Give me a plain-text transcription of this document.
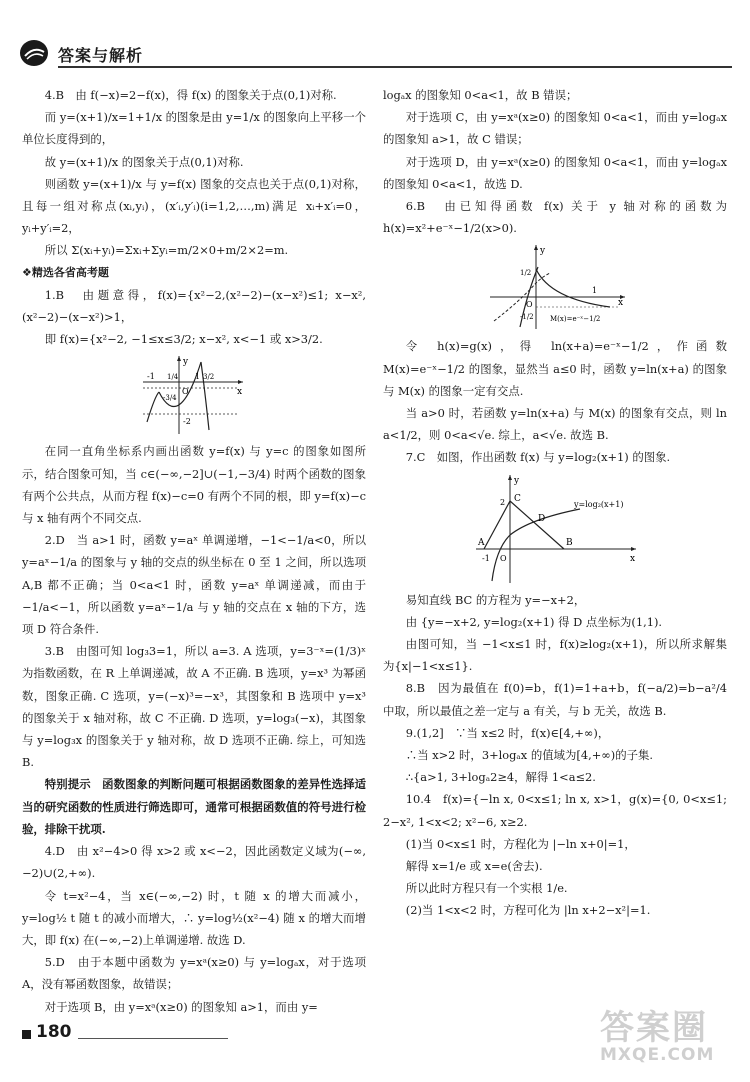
答案与解析

4.B　由 f(−x)=2−f(x)，得 f(x) 的图象关于点(0,1)对称.

而 y=(x+1)/x=1+1/x 的图象是由 y=1/x 的图象向上平移一个单位长度得到的，

故 y=(x+1)/x 的图象关于点(0,1)对称.

则函数 y=(x+1)/x 与 y=f(x) 图象的交点也关于点(0,1)对称，且每一组对称点(xᵢ,yᵢ)，(x′ᵢ,y′ᵢ)(i=1,2,…,m)满足 xᵢ+x′ᵢ=0，yᵢ+y′ᵢ=2，

所以 Σ(xᵢ+yᵢ)=Σxᵢ+Σyᵢ=m/2×0+m/2×2=m.

❖精选各省高考题

1.B　由题意得，f(x)={x²−2,(x²−2)−(x−x²)≤1; x−x²,(x²−2)−(x−x²)>1，

即 f(x)={x²−2, −1≤x≤3/2; x−x², x<−1 或 x>3/2.

y
x
O
-1	1
-3/4
-2
3/2
1/4

在同一直角坐标系内画出函数 y=f(x) 与 y=c 的图象如图所示，结合图象可知，当 c∈(−∞,−2]∪(−1,−3/4) 时两个函数的图象有两个公共点，从而方程 f(x)−c=0 有两个不同的根，即 y=f(x)−c 与 x 轴有两个不同交点.

2.D　当 a>1 时，函数 y=aˣ 单调递增，−1<−1/a<0，所以 y=aˣ−1/a 的图象与 y 轴的交点的纵坐标在 0 至 1 之间，所以选项 A,B 都不正确；当 0<a<1 时，函数 y=aˣ 单调递减，而由于 −1/a<−1，所以函数 y=aˣ−1/a 与 y 轴的交点在 x 轴的下方，选项 D 符合条件.

3.B　由图可知 log₃3=1，所以 a=3. A 选项，y=3⁻ˣ=(1/3)ˣ 为指数函数，在 R 上单调递减，故 A 不正确. B 选项，y=x³ 为幂函数，图象正确. C 选项，y=(−x)³=−x³，其图象和 B 选项中 y=x³ 的图象关于 x 轴对称，故 C 不正确. D 选项，y=log₃(−x)，其图象与 y=log₃x 的图象关于 y 轴对称，故 D 选项不正确. 综上，可知选 B.

特别提示　函数图象的判断问题可根据函数图象的差异性选择适当的研究函数的性质进行筛选即可，通常可根据函数值的符号进行检验，排除干扰项.

4.D　由 x²−4>0 得 x>2 或 x<−2，因此函数定义域为(−∞,−2)∪(2,+∞).

令 t=x²−4，当 x∈(−∞,−2) 时，t 随 x 的增大而减小，y=log½ t 随 t 的减小而增大，∴ y=log½(x²−4) 随 x 的增大而增大，即 f(x) 在(−∞,−2)上单调递增. 故选 D.

5.D　由于本题中函数为 y=xᵃ(x≥0) 与 y=logₐx，对于选项 A，没有幂函数图象，故错误；

对于选项 B，由 y=xᵃ(x≥0) 的图象知 a>1，而由 y=

logₐx 的图象知 0<a<1，故 B 错误；

对于选项 C，由 y=xᵃ(x≥0) 的图象知 0<a<1，而由 y=logₐx 的图象知 a>1，故 C 错误；

对于选项 D，由 y=xᵃ(x≥0) 的图象知 0<a<1，而由 y=logₐx 的图象知 0<a<1，故选 D.

6.B　由已知得函数 f(x) 关于 y 轴对称的函数为 h(x)=x²+e⁻ˣ−1/2(x>0).

y
x
O
1/2
1
-1/2 M(x)=e⁻ˣ−1/2

令 h(x)=g(x)，得 ln(x+a)=e⁻ˣ−1/2，作函数 M(x)=e⁻ˣ−1/2 的图象，显然当 a≤0 时，函数 y=ln(x+a) 的图象与 M(x) 的图象一定有交点.

当 a>0 时，若函数 y=ln(x+a) 与 M(x) 的图象有交点，则 ln a<1/2，则 0<a<√e. 综上，a<√e. 故选 B.

7.C　如图，作出函数 f(x) 与 y=log₂(x+1) 的图象.

y
x
O
2 C
D
A
-1
B
y=log₂(x+1)

易知直线 BC 的方程为 y=−x+2，

由 {y=−x+2, y=log₂(x+1) 得 D 点坐标为(1,1).

由图可知，当 −1<x≤1 时，f(x)≥log₂(x+1)，所以所求解集为{x|−1<x≤1}.

8.B　因为最值在 f(0)=b，f(1)=1+a+b，f(−a/2)=b−a²/4 中取，所以最值之差一定与 a 有关，与 b 无关，故选 B.

9.(1,2]　∵当 x≤2 时，f(x)∈[4,+∞)，

∴当 x>2 时，3+logₐx 的值域为[4,+∞)的子集.

∴{a>1, 3+logₐ2≥4，解得 1<a≤2.

10.4　f(x)={−ln x, 0<x≤1; ln x, x>1，g(x)={0, 0<x≤1; 2−x², 1<x<2; x²−6, x≥2.

(1)当 0<x≤1 时，方程化为 |−ln x+0|=1，

解得 x=1/e 或 x=e(舍去).

所以此时方程只有一个实根 1/e.

(2)当 1<x<2 时，方程可化为 |ln x+2−x²|=1.

180	答案圈
MXQE.COM
